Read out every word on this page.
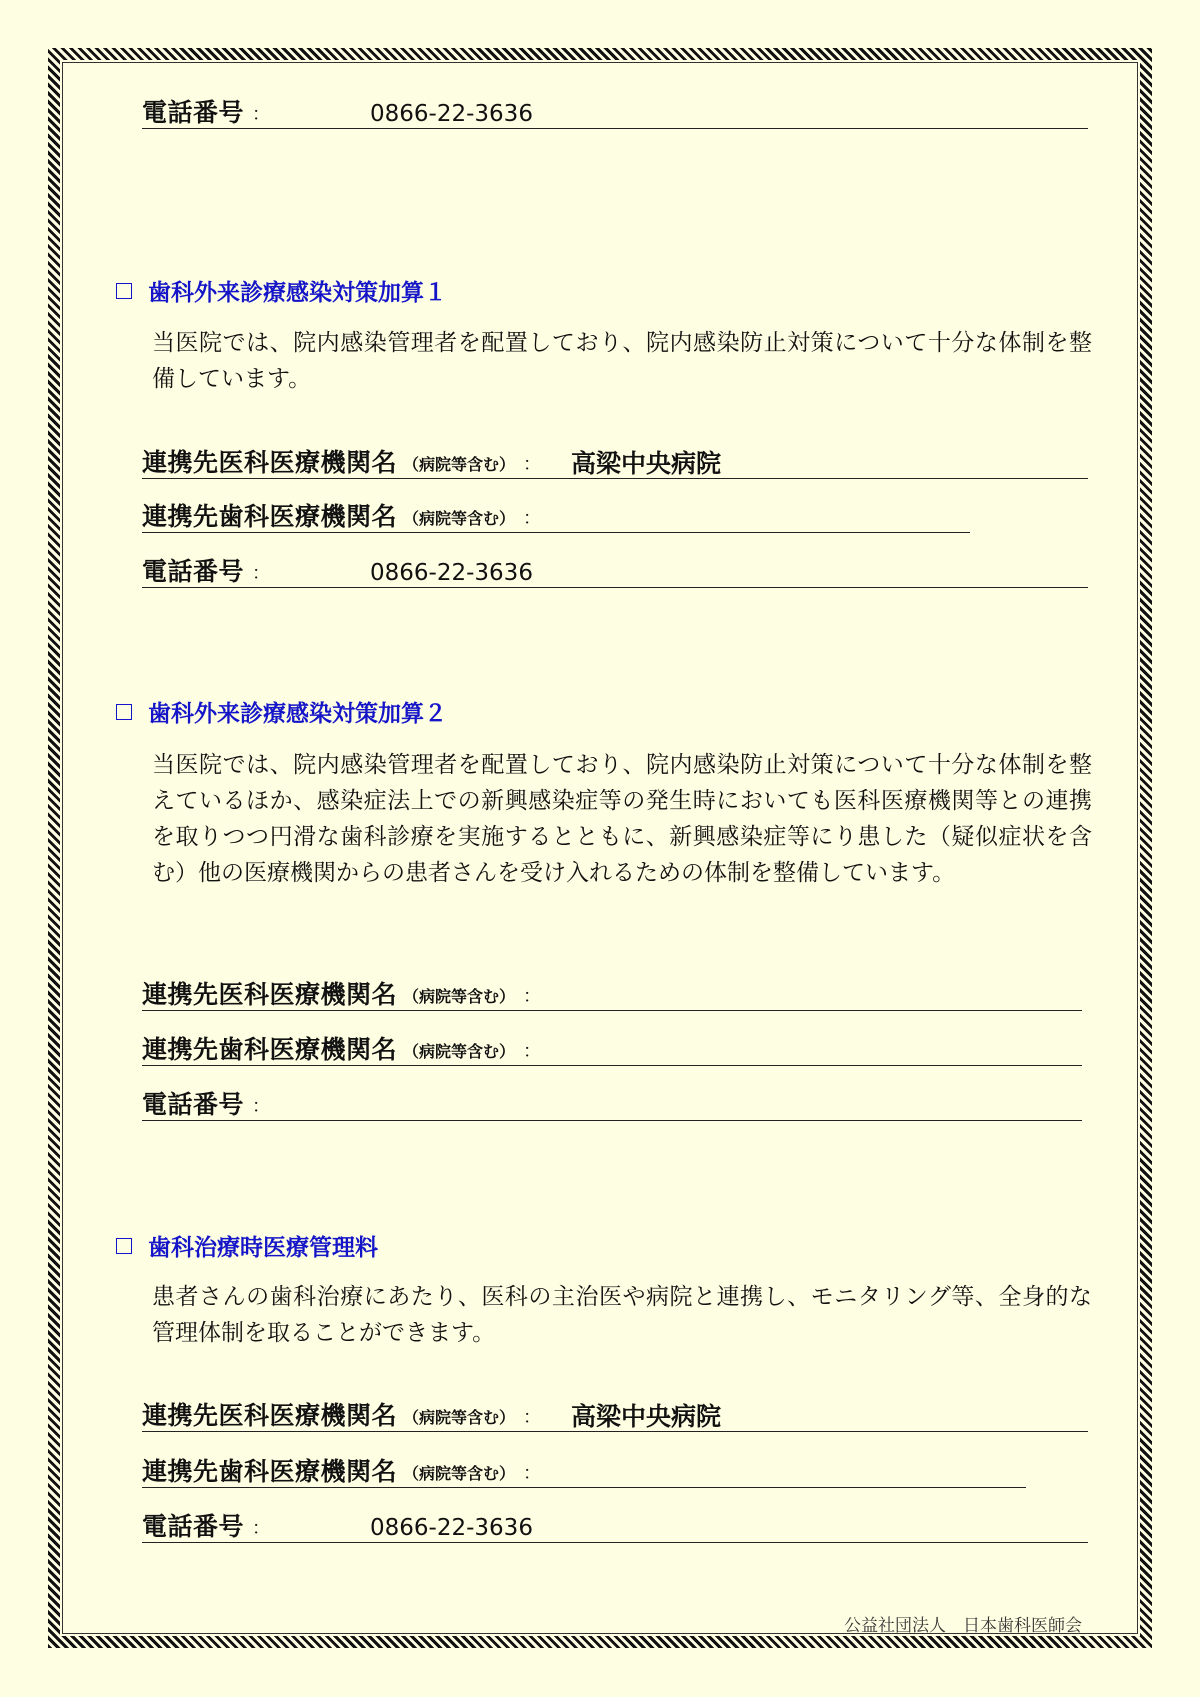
電話番号 ：	0866-22-3636
歯科外来診療感染対策加算１
当医院では、院内感染管理者を配置しており、院内感染防止対策について十分な体制を整備しています。
連携先医科医療機関名 （病院等含む） ： 高梁中央病院
連携先歯科医療機関名 （病院等含む） ：
電話番号 ：	0866-22-3636
歯科外来診療感染対策加算２
当医院では、院内感染管理者を配置しており、院内感染防止対策について十分な体制を整えているほか、感染症法上での新興感染症等の発生時においても医科医療機関等との連携を取りつつ円滑な歯科診療を実施するとともに、新興感染症等にり患した（疑似症状を含む）他の医療機関からの患者さんを受け入れるための体制を整備しています。
連携先医科医療機関名 （病院等含む） ：
連携先歯科医療機関名 （病院等含む） ：
電話番号 ：
歯科治療時医療管理料
患者さんの歯科治療にあたり、医科の主治医や病院と連携し、モニタリング等、全身的な管理体制を取ることができます。
連携先医科医療機関名 （病院等含む） ： 高梁中央病院
連携先歯科医療機関名 （病院等含む） ：
電話番号 ：	0866-22-3636
公益社団法人　日本歯科医師会
